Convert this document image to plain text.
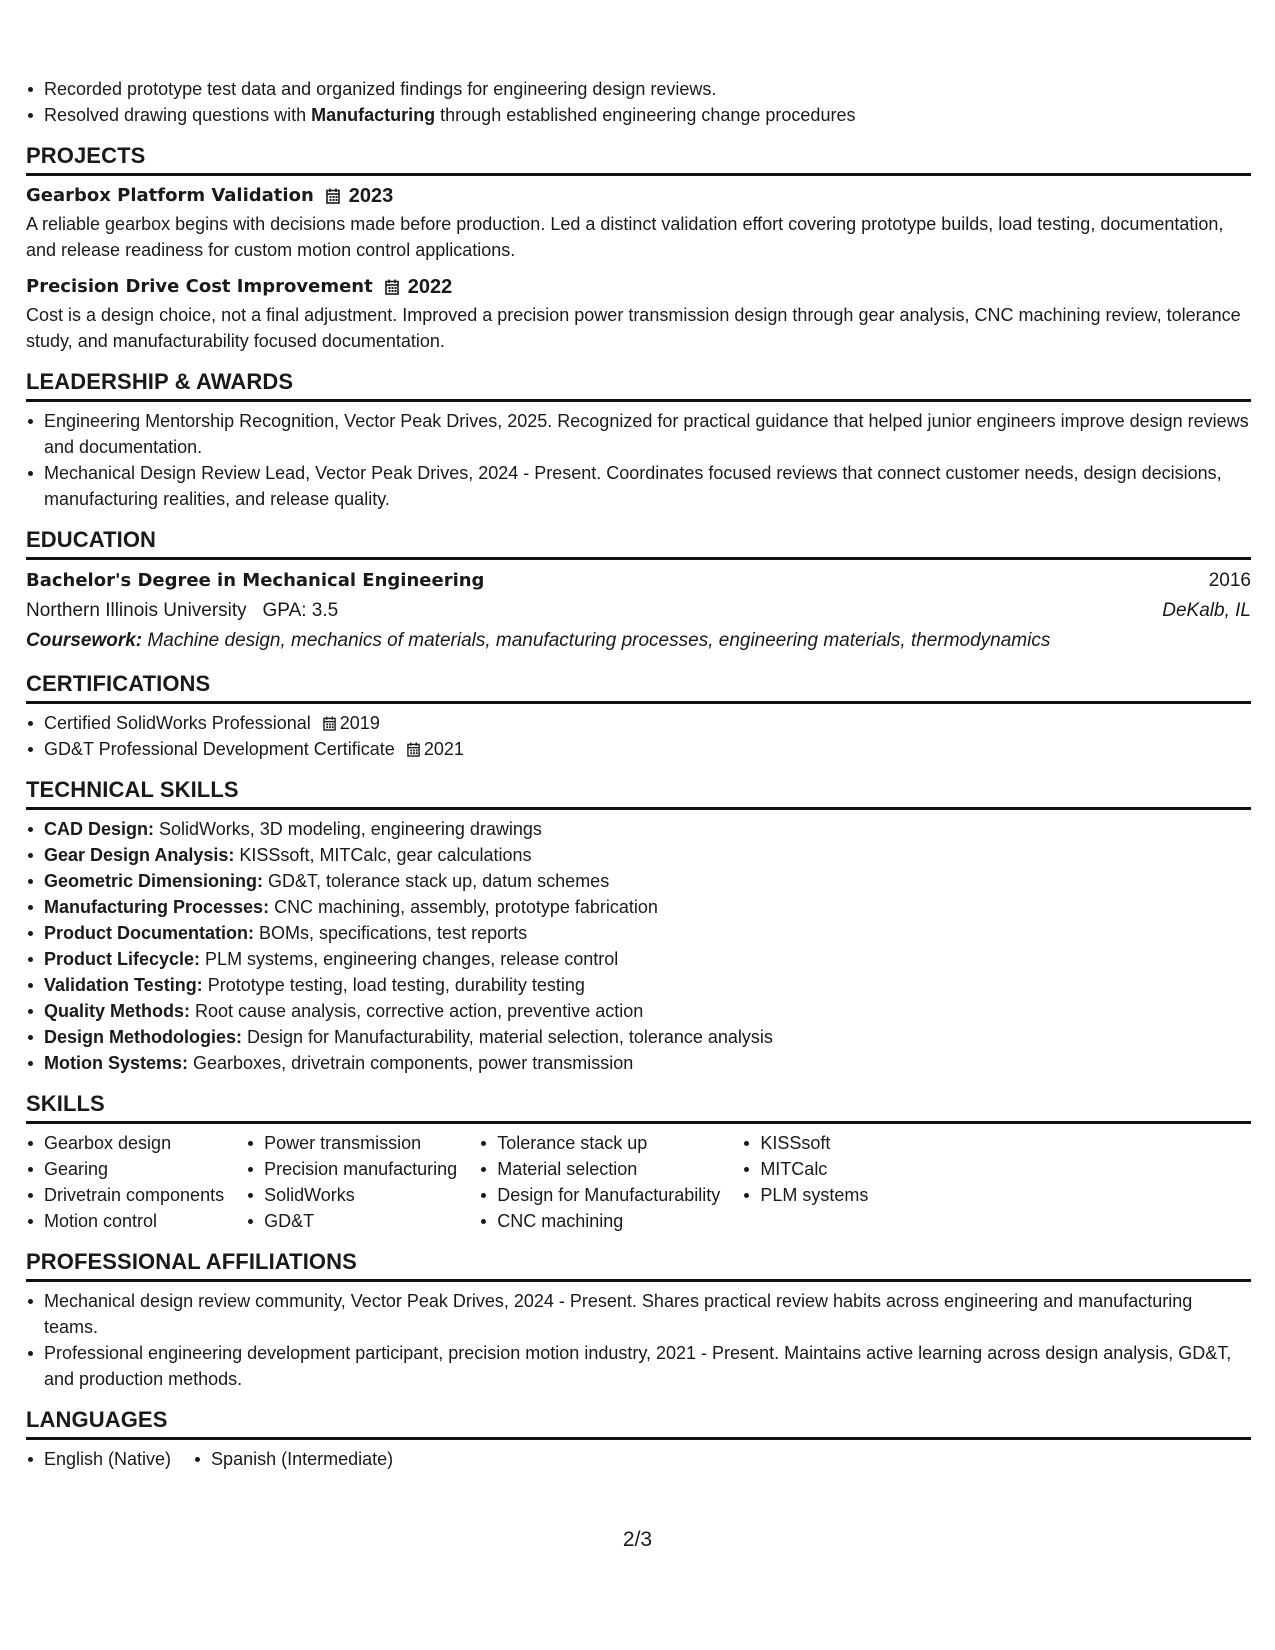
Recorded prototype test data and organized findings for engineering design reviews.
Resolved drawing questions with Manufacturing through established engineering change procedures
PROJECTS
Gearbox Platform Validation 2023
A reliable gearbox begins with decisions made before production. Led a distinct validation effort covering prototype builds, load testing, documentation, and release readiness for custom motion control applications.
Precision Drive Cost Improvement 2022
Cost is a design choice, not a final adjustment. Improved a precision power transmission design through gear analysis, CNC machining review, tolerance study, and manufacturability focused documentation.
LEADERSHIP & AWARDS
Engineering Mentorship Recognition, Vector Peak Drives, 2025. Recognized for practical guidance that helped junior engineers improve design reviews and documentation.
Mechanical Design Review Lead, Vector Peak Drives, 2024 - Present. Coordinates focused reviews that connect customer needs, design decisions, manufacturing realities, and release quality.
EDUCATION
Bachelor's Degree in Mechanical Engineering	2016
Northern Illinois University GPA: 3.5	DeKalb, IL
Coursework: Machine design, mechanics of materials, manufacturing processes, engineering materials, thermodynamics
CERTIFICATIONS
Certified SolidWorks Professional 2019
GD&T Professional Development Certificate 2021
TECHNICAL SKILLS
CAD Design: SolidWorks, 3D modeling, engineering drawings
Gear Design Analysis: KISSsoft, MITCalc, gear calculations
Geometric Dimensioning: GD&T, tolerance stack up, datum schemes
Manufacturing Processes: CNC machining, assembly, prototype fabrication
Product Documentation: BOMs, specifications, test reports
Product Lifecycle: PLM systems, engineering changes, release control
Validation Testing: Prototype testing, load testing, durability testing
Quality Methods: Root cause analysis, corrective action, preventive action
Design Methodologies: Design for Manufacturability, material selection, tolerance analysis
Motion Systems: Gearboxes, drivetrain components, power transmission
SKILLS
Gearbox design
Gearing
Drivetrain components
Motion control
Power transmission
Precision manufacturing
SolidWorks
GD&T
Tolerance stack up
Material selection
Design for Manufacturability
CNC machining
KISSsoft
MITCalc
PLM systems
PROFESSIONAL AFFILIATIONS
Mechanical design review community, Vector Peak Drives, 2024 - Present. Shares practical review habits across engineering and manufacturing teams.
Professional engineering development participant, precision motion industry, 2021 - Present. Maintains active learning across design analysis, GD&T, and production methods.
LANGUAGES
English (Native)	Spanish (Intermediate)
2/3
